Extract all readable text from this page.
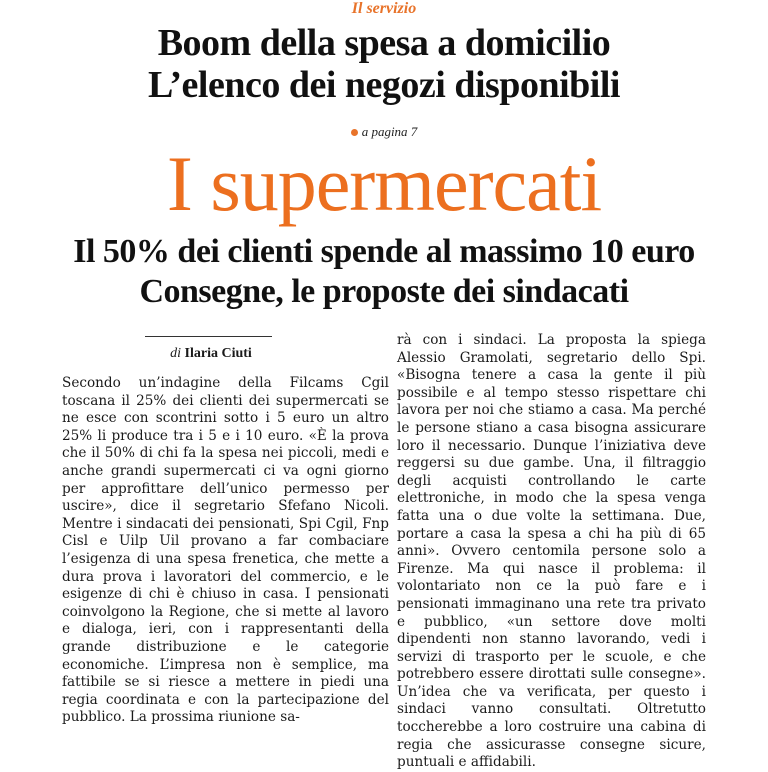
Il servizio
Boom della spesa a domicilio
L’elenco dei negozi disponibili
a pagina 7
I supermercati
Il 50% dei clienti spende al massimo 10 euro
Consegne, le proposte dei sindacati
di Ilaria Ciuti

Secondo un’indagine della Filcams Cgil toscana il 25% dei clienti dei supermercati se ne esce con scontrini sotto i 5 euro un altro 25% li produce tra i 5 e i 10 euro. «È la prova che il 50% di chi fa la spesa nei piccoli, medi e anche grandi supermercati ci va ogni giorno per approfittare dell’unico permesso per uscire», dice il segretario Sfefano Nicoli. Mentre i sindacati dei pensionati, Spi Cgil, Fnp Cisl e Uilp Uil provano a far combaciare l’esigenza di una spesa frenetica, che mette a dura prova i lavoratori del commercio, e le esigenze di chi è chiuso in casa. I pensionati coinvolgono la Regione, che si mette al lavoro e dialoga, ieri, con i rappresentanti della grande distribuzione e le categorie economiche. L’impresa non è semplice, ma fattibile se si riesce a mettere in piedi una regia coordinata e con la partecipazione del pubblico. La prossima riunione sa-

rà con i sindaci. La proposta la spiega Alessio Gramolati, segretario dello Spi. «Bisogna tenere a casa la gente il più possibile e al tempo stesso rispettare chi lavora per noi che stiamo a casa. Ma perché le persone stiano a casa bisogna assicurare loro il necessario. Dunque l’iniziativa deve reggersi su due gambe. Una, il filtraggio degli acquisti controllando le carte elettroniche, in modo che la spesa venga fatta una o due volte la settimana. Due, portare a casa la spesa a chi ha più di 65 anni». Ovvero centomila persone solo a Firenze. Ma qui nasce il problema: il volontariato non ce la può fare e i pensionati immaginano una rete tra privato e pubblico, «un settore dove molti dipendenti non stanno lavorando, vedi i servizi di trasporto per le scuole, e che potrebbero essere dirottati sulle consegne». Un’idea che va verificata, per questo i sindaci vanno consultati. Oltretutto toccherebbe a loro costruire una cabina di regia che assicurasse consegne sicure, puntuali e affidabili.
